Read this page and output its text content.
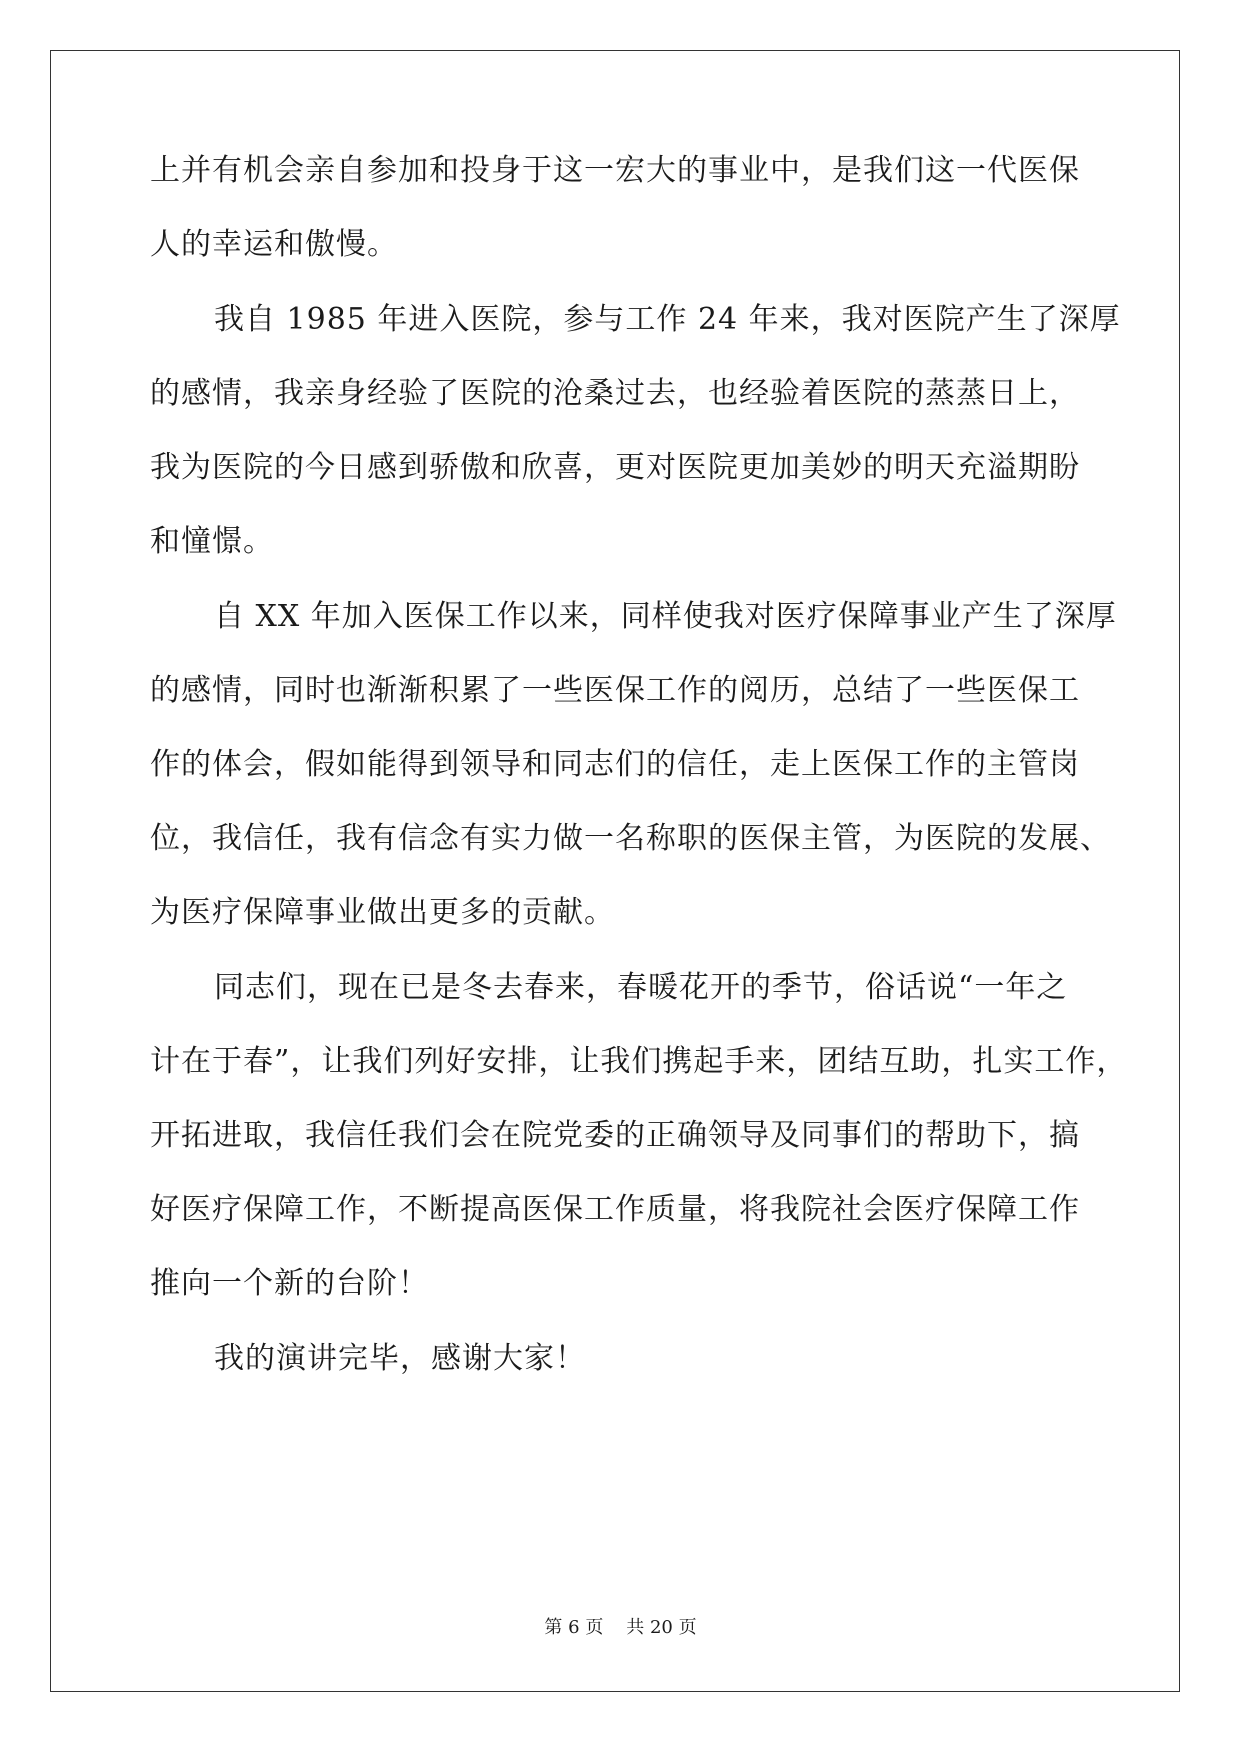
上并有机会亲自参加和投身于这一宏大的事业中，是我们这一代医保
人的幸运和傲慢。
我自 1985 年进入医院，参与工作 24 年来，我对医院产生了深厚
的感情，我亲身经验了医院的沧桑过去，也经验着医院的蒸蒸日上，
我为医院的今日感到骄傲和欣喜，更对医院更加美妙的明天充溢期盼
和憧憬。
自 XX 年加入医保工作以来，同样使我对医疗保障事业产生了深厚
的感情，同时也渐渐积累了一些医保工作的阅历，总结了一些医保工
作的体会，假如能得到领导和同志们的信任，走上医保工作的主管岗
位，我信任，我有信念有实力做一名称职的医保主管，为医院的发展、
为医疗保障事业做出更多的贡献。
同志们，现在已是冬去春来，春暖花开的季节，俗话说“一年之
计在于春”，让我们列好安排，让我们携起手来，团结互助，扎实工作，
开拓进取，我信任我们会在院党委的正确领导及同事们的帮助下，搞
好医疗保障工作，不断提高医保工作质量，将我院社会医疗保障工作
推向一个新的台阶！
我的演讲完毕，感谢大家！
第 6 页 共 20 页
